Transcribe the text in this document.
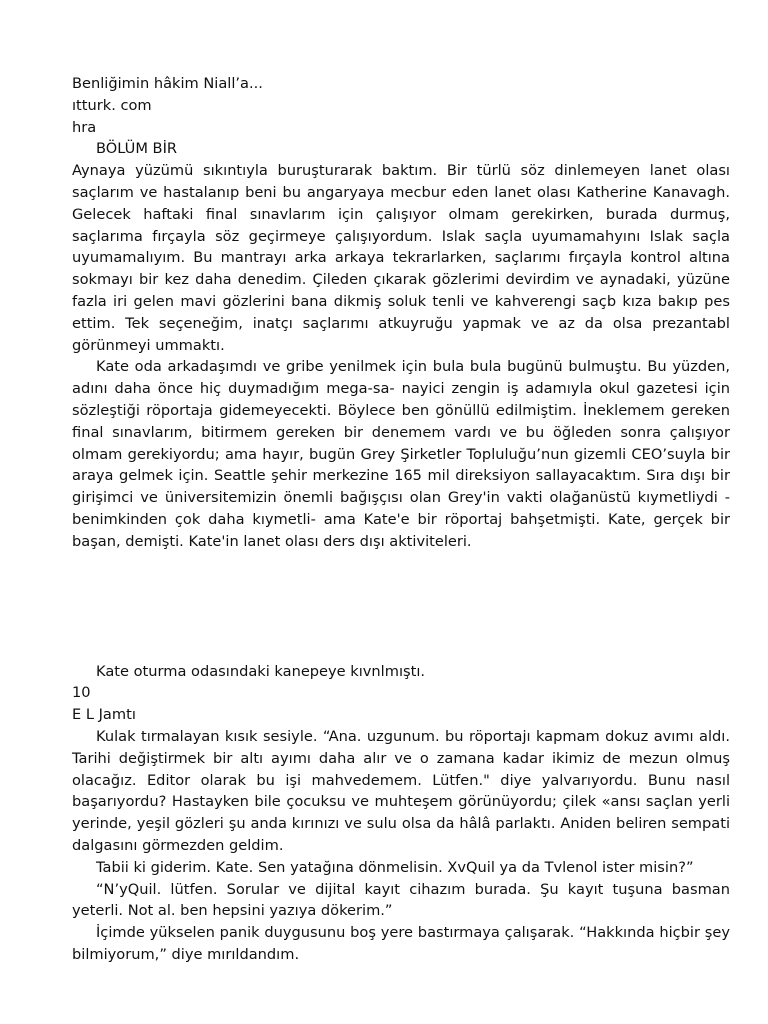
Benliğimin hâkim Niall’a...
ıtturk. com
hra
BÖLÜM BİR

Aynaya yüzümü sıkıntıyla buruşturarak baktım. Bir türlü söz dinlemeyen lanet olası saçlarım ve hastalanıp beni bu angaryaya mecbur eden lanet olası Katherine Kanavagh. Gelecek haftaki final sınavlarım için çalışıyor olmam gerekirken, burada durmuş, saçlarıma fırçayla söz geçirmeye çalışıyordum. Islak saçla uyumamahyını Islak saçla uyumamalıyım. Bu mantrayı arka arkaya tekrarlarken, saçlarımı fırçayla kontrol altına sokmayı bir kez daha denedim. Çileden çıkarak gözlerimi devirdim ve aynadaki, yüzüne fazla iri gelen mavi gözlerini bana dikmiş soluk tenli ve kahverengi saçb kıza bakıp pes ettim. Tek seçeneğim, inatçı saçlarımı atkuyruğu yapmak ve az da olsa prezantabl görünmeyi ummaktı.

Kate oda arkadaşımdı ve gribe yenilmek için bula bula bugünü bulmuştu. Bu yüzden, adını daha önce hiç duymadığım mega-sa- nayici zengin iş adamıyla okul gazetesi için sözleştiği röportaja gidemeyecekti. Böylece ben gönüllü edilmiştim. İneklemem gereken final sınavlarım, bitirmem gereken bir denemem vardı ve bu öğleden sonra çalışıyor olmam gerekiyordu; ama hayır, bugün Grey Şirketler Topluluğu’nun gizemli CEO’suyla bir araya gelmek için. Seattle şehir merkezine 165 mil direksiyon sallayacaktım. Sıra dışı bir girişimci ve üniversitemizin önemli bağışçısı olan Grey'in vakti olağanüstü kıymetliydi -benimkinden çok daha kıymetli- ama Kate'e bir röportaj bahşetmişti. Kate, gerçek bir başan, demişti. Kate'in lanet olası ders dışı aktiviteleri.

Kate oturma odasındaki kanepeye kıvnlmıştı.
10
E L Jamtı

Kulak tırmalayan kısık sesiyle. “Ana. uzgunum. bu röportajı kapmam dokuz avımı aldı. Tarihi değiştirmek bir altı ayımı daha alır ve o zamana kadar ikimiz de mezun olmuş olacağız. Editor olarak bu işi mahvedemem. Lütfen." diye yalvarıyordu. Bunu nasıl başarıyordu? Hastayken bile çocuksu ve muhteşem görünüyordu; çilek «ansı saçlan yerli yerinde, yeşil gözleri şu anda kırınızı ve sulu olsa da hâlâ parlaktı. Aniden beliren sempati dalgasını görmezden geldim.

Tabii ki giderim. Kate. Sen yatağına dönmelisin. XvQuil ya da Tvlenol ister misin?”

“N’yQuil. lütfen. Sorular ve dijital kayıt cihazım burada. Şu kayıt tuşuna basman yeterli. Not al. ben hepsini yazıya dökerim.”

İçimde yükselen panik duygusunu boş yere bastırmaya çalışarak. “Hakkında hiçbir şey bilmiyorum,” diye mırıldandım.
